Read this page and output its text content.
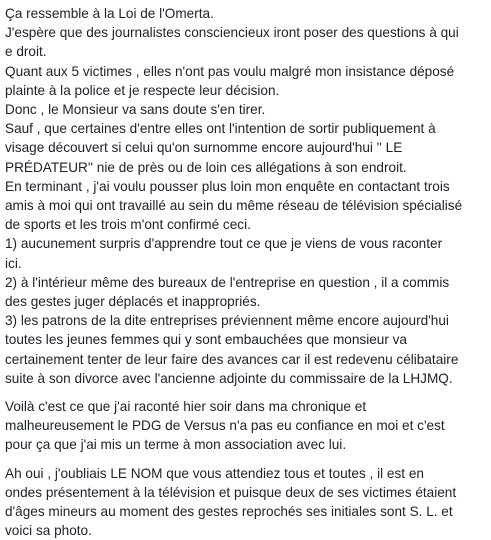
Ça ressemble à la Loi de l'Omerta.
J'espère que des journalistes consciencieux iront poser des questions à qui
e droit.
Quant aux 5 victimes , elles n'ont pas voulu malgré mon insistance déposé
plainte à la police et je respecte leur décision.
Donc , le Monsieur va sans doute s'en tirer.
Sauf , que certaines d'entre elles ont l'intention de sortir publiquement à
visage découvert si celui qu'on surnomme encore aujourd'hui '' LE
PRÉDATEUR'' nie de près ou de loin ces allégations à son endroit.
En terminant , j'ai voulu pousser plus loin mon enquête en contactant trois
amis à moi qui ont travaillé au sein du même réseau de télévision spécialisé
de sports et les trois m'ont confirmé ceci.
1) aucunement surpris d'apprendre tout ce que je viens de vous raconter
ici.
2) à l'intérieur même des bureaux de l'entreprise en question , il a commis
des gestes juger déplacés et inappropriés.
3) les patrons de la dite entreprises préviennent même encore aujourd'hui
toutes les jeunes femmes qui y sont embauchées que monsieur va
certainement tenter de leur faire des avances car il est redevenu célibataire
suite à son divorce avec l'ancienne adjointe du commissaire de la LHJMQ.
Voilà c'est ce que j'ai raconté hier soir dans ma chronique et
malheureusement le PDG de Versus n'a pas eu confiance en moi et c'est
pour ça que j'ai mis un terme à mon association avec lui.
Ah oui , j'oubliais LE NOM que vous attendiez tous et toutes , il est en
ondes présentement à la télévision et puisque deux de ses victimes étaient
d'âges mineurs au moment des gestes reprochés ses initiales sont S. L. et
voici sa photo.
